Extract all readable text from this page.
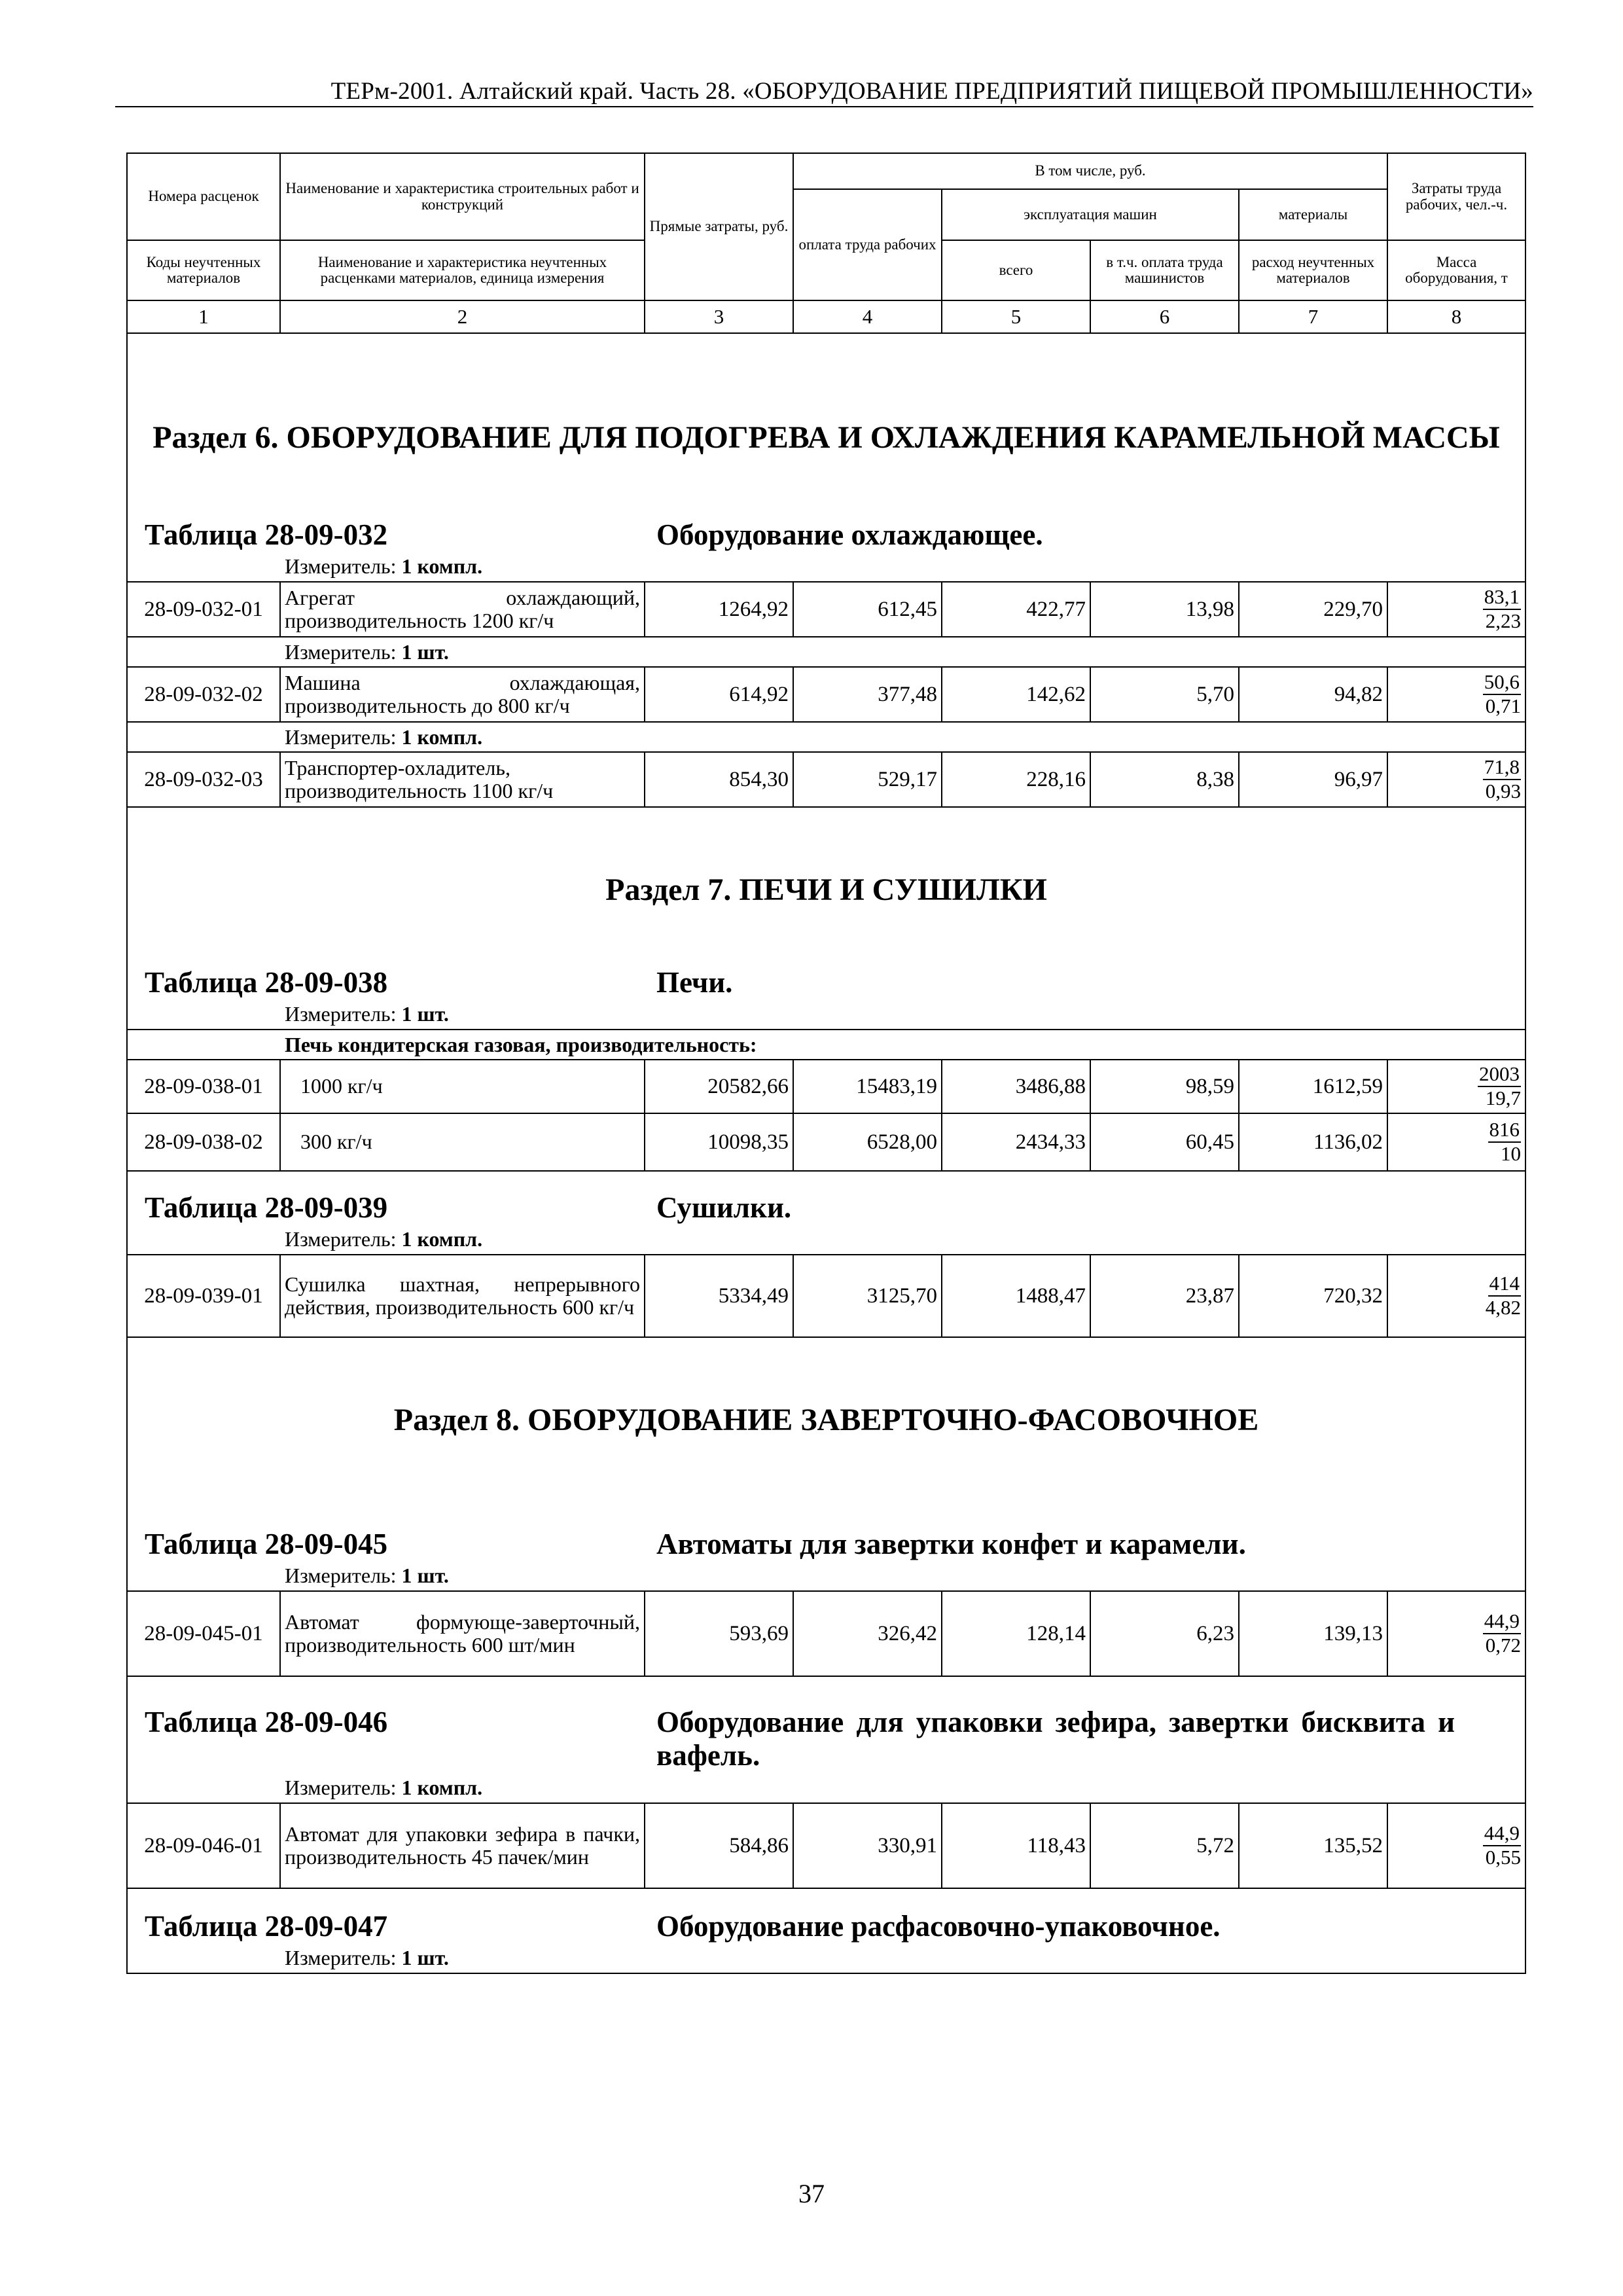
ТЕРм-2001. Алтайский край. Часть 28. «ОБОРУДОВАНИЕ ПРЕДПРИЯТИЙ ПИЩЕВОЙ ПРОМЫШЛЕННОСТИ»
Номера расценок	Наименование и характеристика строительных работ и конструкций	Прямые затраты, руб.	В том числе, руб.				Затраты труда рабочих, чел.-ч.
			оплата труда рабочих	эксплуатация машин		материалы	
Коды неучтенных материалов	Наименование и характеристика неучтенных расценками материалов, единица измерения			всего	в т.ч. оплата труда машинистов	расход неучтенных материалов	Масса оборудования, т
1	2	3	4	5	6	7	8
Раздел 6. ОБОРУДОВАНИЕ ДЛЯ ПОДОГРЕВА И ОХЛАЖДЕНИЯ КАРАМЕЛЬНОЙ МАССЫ							
Таблица 28-09-032 Оборудование охлаждающее.							
Измеритель: 1 компл.							
28-09-032-01	Агрегат охлаждающий, производительность 1200 кг/ч	1264,92	612,45	422,77	13,98	229,70	83,1
2,23

Измеритель: 1 шт.							
28-09-032-02	Машина охлаждающая, производительность до 800 кг/ч	614,92	377,48	142,62	5,70	94,82	50,6
0,71

Измеритель: 1 компл.							
28-09-032-03	Транспортер-охладитель, производительность 1100 кг/ч	854,30	529,17	228,16	8,38	96,97	71,8
0,93

Раздел 7. ПЕЧИ И СУШИЛКИ							
Таблица 28-09-038 Печи.							
Измеритель: 1 шт.							
Печь кондитерская газовая, производительность:							
28-09-038-01	1000 кг/ч	20582,66	15483,19	3486,88	98,59	1612,59	2003
19,7

28-09-038-02	300 кг/ч	10098,35	6528,00	2434,33	60,45	1136,02	816
10

Таблица 28-09-039 Сушилки.							
Измеритель: 1 компл.							
28-09-039-01	Сушилка шахтная, непрерывного действия, производительность 600 кг/ч	5334,49	3125,70	1488,47	23,87	720,32	414
4,82

Раздел 8. ОБОРУДОВАНИЕ ЗАВЕРТОЧНО-ФАСОВОЧНОЕ							
Таблица 28-09-045 Автоматы для завертки конфет и карамели.							
Измеритель: 1 шт.							
28-09-045-01	Автомат формующе-заверточный, производительность 600 шт/мин	593,69	326,42	128,14	6,23	139,13	44,9
0,72

Таблица 28-09-046 Оборудование для упаковки зефира, завертки бисквита и вафель.							

Измеритель: 1 компл.							
28-09-046-01	Автомат для упаковки зефира в пачки, производительность 45 пачек/мин	584,86	330,91	118,43	5,72	135,52	44,9
0,55

Таблица 28-09-047 Оборудование расфасовочно-упаковочное.							
Измеритель: 1 шт.							
37
